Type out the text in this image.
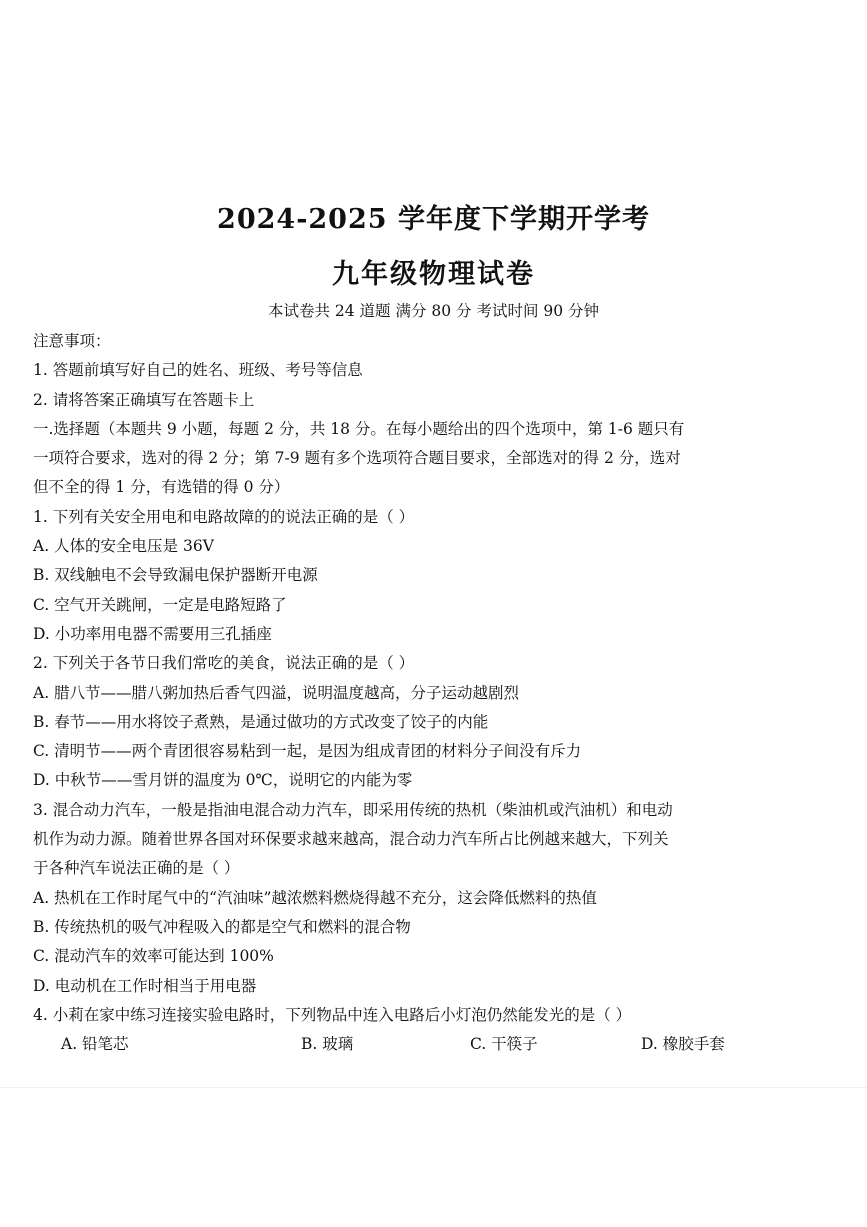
2024-2025 学年度下学期开学考
九年级物理试卷
本试卷共 24 道题 满分 80 分 考试时间 90 分钟
注意事项：
1. 答题前填写好自己的姓名、班级、考号等信息
2. 请将答案正确填写在答题卡上
一.选择题（本题共 9 小题，每题 2 分，共 18 分。在每小题给出的四个选项中，第 1-6 题只有
一项符合要求，选对的得 2 分；第 7-9 题有多个选项符合题目要求，全部选对的得 2 分，选对
但不全的得 1 分，有选错的得 0 分）
1. 下列有关安全用电和电路故障的的说法正确的是（ ）
A. 人体的安全电压是 36V
B. 双线触电不会导致漏电保护器断开电源
C. 空气开关跳闸，一定是电路短路了
D. 小功率用电器不需要用三孔插座
2. 下列关于各节日我们常吃的美食，说法正确的是（ ）
A. 腊八节——腊八粥加热后香气四溢，说明温度越高，分子运动越剧烈
B. 春节——用水将饺子煮熟，是通过做功的方式改变了饺子的内能
C. 清明节——两个青团很容易粘到一起，是因为组成青团的材料分子间没有斥力
D. 中秋节——雪月饼的温度为 0℃，说明它的内能为零
3. 混合动力汽车，一般是指油电混合动力汽车，即采用传统的热机（柴油机或汽油机）和电动
机作为动力源。随着世界各国对环保要求越来越高，混合动力汽车所占比例越来越大，下列关
于各种汽车说法正确的是（ ）
A. 热机在工作时尾气中的“汽油味”越浓燃料燃烧得越不充分，这会降低燃料的热值
B. 传统热机的吸气冲程吸入的都是空气和燃料的混合物
C. 混动汽车的效率可能达到 100%
D. 电动机在工作时相当于用电器
4. 小莉在家中练习连接实验电路时，下列物品中连入电路后小灯泡仍然能发光的是（ ）
A. 铅笔芯	B. 玻璃	C. 干筷子	D. 橡胶手套
